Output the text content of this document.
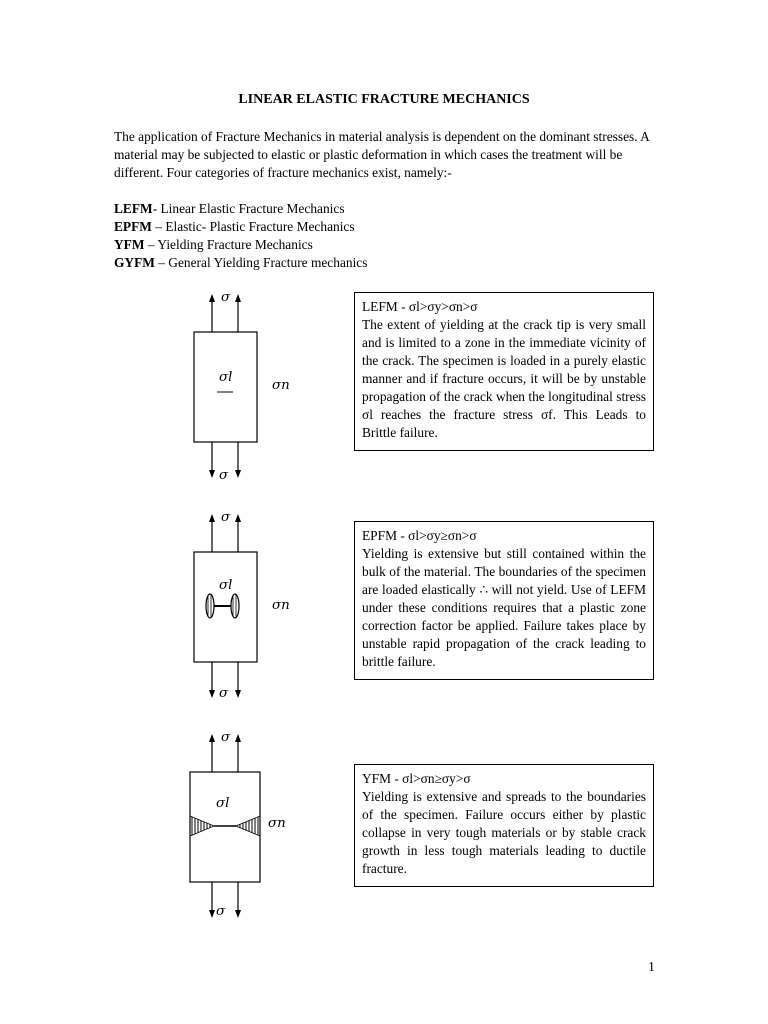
LINEAR ELASTIC FRACTURE MECHANICS

The application of Fracture Mechanics in material analysis is dependent on the dominant stresses. A material may be subjected to elastic or plastic deformation in which cases the treatment will be different. Four categories of fracture mechanics exist, namely:-

LEFM- Linear Elastic Fracture Mechanics
EPFM – Elastic- Plastic Fracture Mechanics
YFM – Yielding Fracture Mechanics
GYFM – General Yielding Fracture mechanics
σ
σl
σn
σ
σ
σl
σn
σ
σ
σl
σn
σ
LEFM - σl>σy>σn>σ
The extent of yielding at the crack tip is very small and is limited to a zone in the immediate vicinity of the crack. The specimen is loaded in a purely elastic manner and if fracture occurs, it will be by unstable propagation of the crack when the longitudinal stress σl reaches the fracture stress σf. This Leads to Brittle failure.
EPFM - σl>σy≥σn>σ
Yielding is extensive but still contained within the bulk of the material. The boundaries of the specimen are loaded elastically ∴ will not yield. Use of LEFM under these conditions requires that a plastic zone correction factor be applied. Failure takes place by unstable rapid propagation of the crack leading to brittle failure.
YFM - σl>σn≥σy>σ
Yielding is extensive and spreads to the boundaries of the specimen. Failure occurs either by plastic collapse in very tough materials or by stable crack growth in less tough materials leading to ductile fracture.
1
